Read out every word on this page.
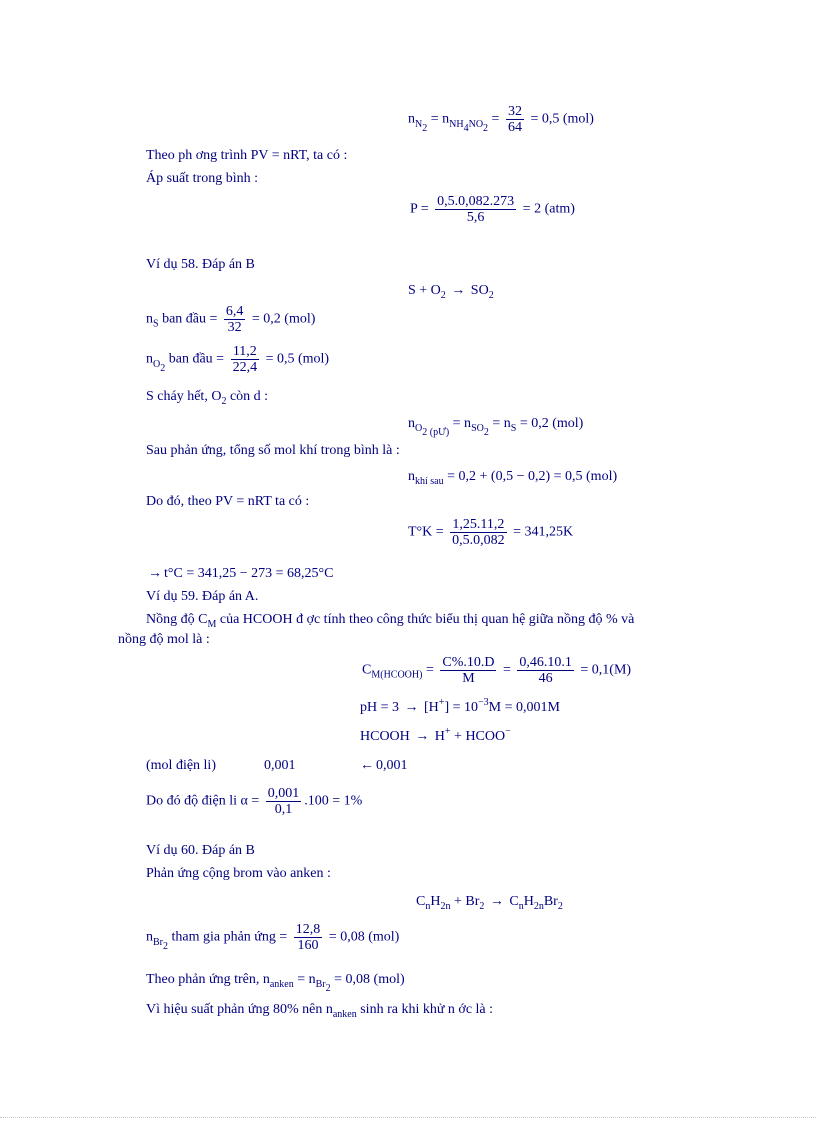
$n_{N_2} = n_{NH_4NO_2} = \frac{32}{64} = 0,5$ (mol)
Theo ph ơng trình PV = nRT, ta có :
Áp suất trong bình :
$P = \frac{0,5.0,082.273}{5,6} = 2$ (atm)
Ví dụ 58. Đáp án B
$S + O_2 \to SO_2$
$n_S$ ban đầu = $\frac{6,4}{32} = 0,2$ (mol)
$n_{O_2}$ ban đầu = $\frac{11,2}{22,4} = 0,5$ (mol)
S cháy hết, $O_2$ còn d :
$n_{O_{2 (pƯ)}} = n_{SO_2} = n_S = 0,2$ (mol)
Sau phản ứng, tổng số mol khí trong bình là :
$n_{khí sau} = 0,2 + (0,5 - 0,2) = 0,5$ (mol)
Do đó, theo PV = nRT ta có :
$T^\circ K = \frac{1,25.11,2}{0,5.0,082} = 341,25K$
→ t°C = 341,25 − 273 = 68,25°C
Ví dụ 59. Đáp án A.
Nồng độ $C_M$ của HCOOH đ ợc tính theo công thức biểu thị quan hệ giữa nồng độ % và
nồng độ mol là :
$C_{M(HCOOH)} = \frac{C\%.10.D}{M} = \frac{0,46.10.1}{46} = 0,1(M)$
pH = $3 \to [H^+] = 10^{-3}M = 0,001M$
HCOOH → H+ + HCOO−
(mol điện li)	0,001	← 0,001
Do đó độ điện li $\alpha = \frac{0,001}{0,1} .100 = 1\%$
Ví dụ 60. Đáp án B
Phản ứng cộng brom vào anken :
$C_nH_{2n} + Br_2 \to C_nH_{2n}Br_2$
$n_{Br_2}$ tham gia phản ứng = $\frac{12,8}{160} = 0,08$ (mol)
Theo phản ứng trên, $n_{anken} = n_{Br_2} = 0,08$ (mol)
Vì hiệu suất phản ứng 80% nên $n_{anken}$ sinh ra khi khử n ớc là :
